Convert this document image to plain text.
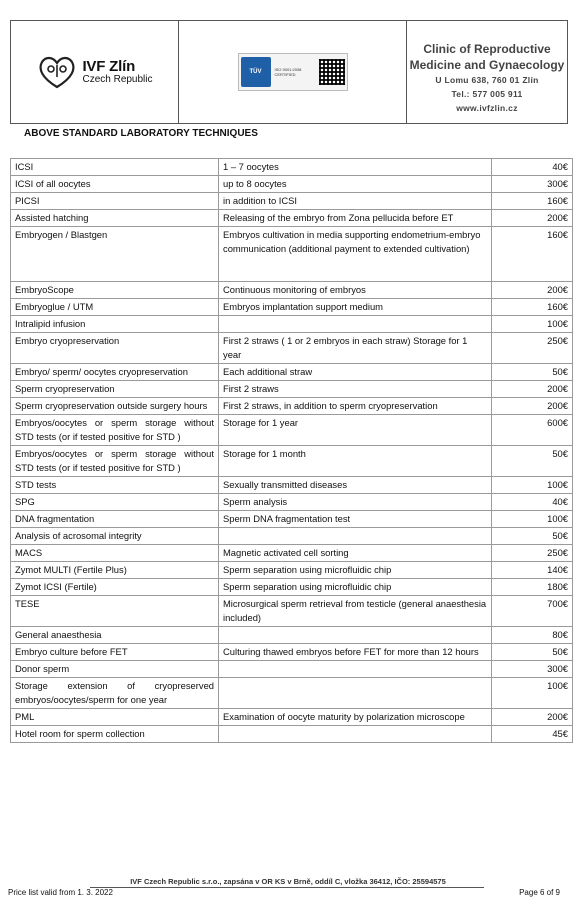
IVF Zlín
Czech Republic
TÜV	ISO 9001:2008
CERTIFIED
Clinic of Reproductive
Medicine and Gynaecology
U Lomu 638, 760 01 Zlín
Tel.: 577 005 911
www.ivfzlin.cz
ABOVE STANDARD LABORATORY TECHNIQUES
ICSI	1 – 7 oocytes	40€
ICSI of all oocytes	up to 8 oocytes	300€
PICSI	in addition to ICSI	160€
Assisted hatching	Releasing of the embryo from Zona pellucida before ET	200€
Embryogen / Blastgen	Embryos cultivation in media supporting endometrium-embryo communication (additional payment to extended cultivation)	160€
EmbryoScope	Continuous monitoring of embryos	200€
Embryoglue / UTM	Embryos implantation support medium	160€
Intralipid infusion		100€
Embryo cryopreservation	First 2 straws ( 1 or 2 embryos in each straw) Storage for 1 year	250€
Embryo/ sperm/ oocytes cryopreservation	Each additional straw	50€
Sperm cryopreservation	First 2 straws	200€
Sperm cryopreservation outside surgery hours	First 2 straws, in addition to sperm cryopreservation	200€
Embryos/oocytes or sperm storage without STD tests (or if tested positive for STD )	Storage for 1 year	600€
Embryos/oocytes or sperm storage without STD tests (or if tested positive for STD )	Storage for 1 month	50€
STD tests	Sexually transmitted diseases	100€
SPG	Sperm analysis	40€
DNA fragmentation	Sperm DNA fragmentation test	100€
Analysis of acrosomal integrity		50€
MACS	Magnetic activated cell sorting	250€
Zymot MULTI (Fertile Plus)	Sperm separation using microfluidic chip	140€
Zymot ICSI (Fertile)	Sperm separation using microfluidic chip	180€
TESE	Microsurgical sperm retrieval from testicle (general anaesthesia included)	700€
General anaesthesia		80€
Embryo culture before FET	Culturing thawed embryos before FET for more than 12 hours	50€
Donor sperm		300€
Storage extension of cryopreserved embryos/oocytes/sperm for one year		100€
PML	Examination of oocyte maturity by polarization microscope	200€
Hotel room for sperm collection		45€
IVF Czech Republic s.r.o., zapsána v OR KS v Brně, oddíl C, vložka 36412, IČO: 25594575
Price list valid from 1. 3. 2022	Page 6 of 9
